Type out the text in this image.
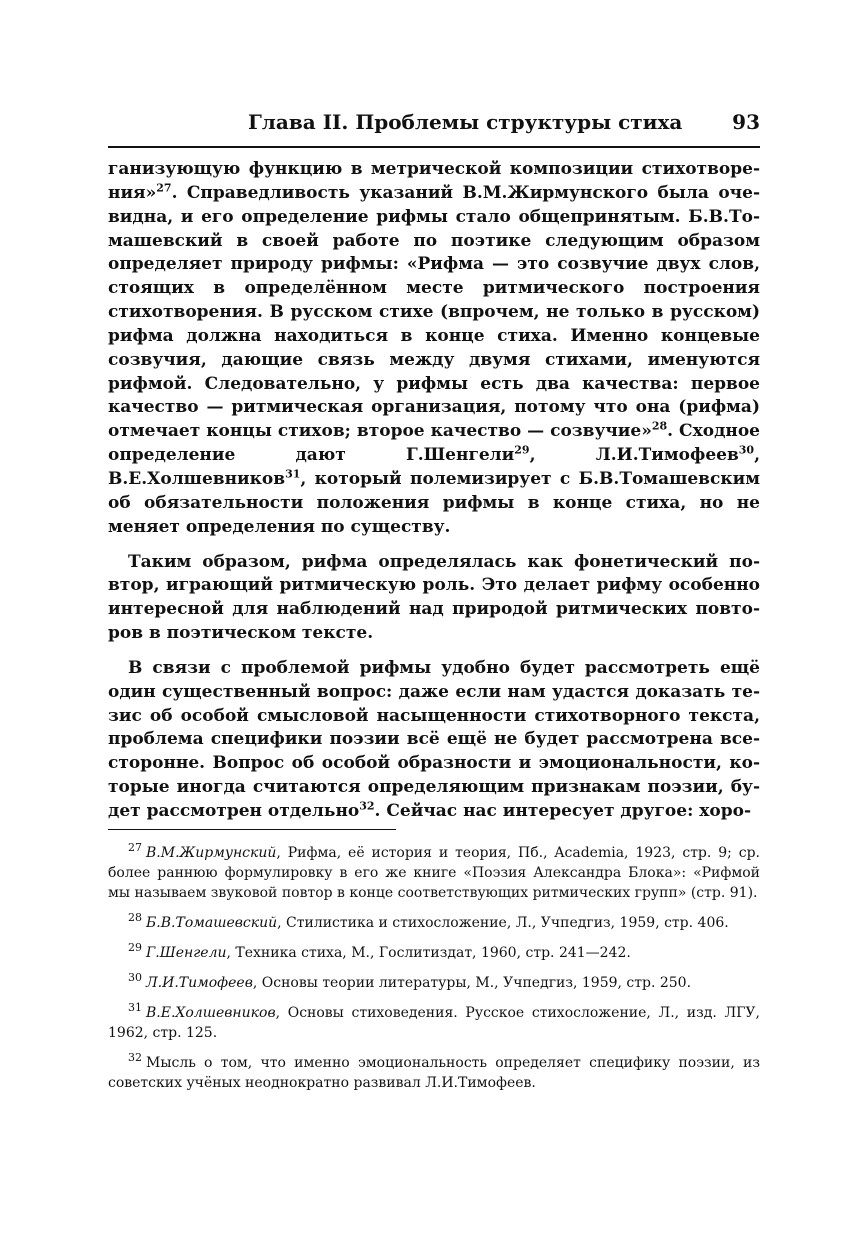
Глава II. Проблемы структуры стиха 93

ганизующую функцию в метрической композиции стихотворения»$^{27}$. Справедливость указаний В.М.Жирмунского была очевидна, и его определение рифмы стало общепринятым. Б.В.Томашевский в своей работе по поэтике следующим образом определяет природу рифмы: «Рифма — это созвучие двух слов, стоящих в определённом месте ритмического построения стихотворения. В русском стихе (впрочем, не только в русском) рифма должна находиться в конце стиха. Именно концевые созвучия, дающие связь между двумя стихами, именуются рифмой. Следовательно, у рифмы есть два качества: первое качество — ритмическая организация, потому что она (рифма) отмечает концы стихов; второе качество — созвучие»$^{28}$. Сходное определение дают Г.Шенгели$^{29}$, Л.И.Тимофеев$^{30}$, В.Е.Холшевников$^{31}$, который полемизирует с Б.В.Томашевским об обязательности положения рифмы в конце стиха, но не меняет определения по существу.

Таким образом, рифма определялась как фонетический повтор, играющий ритмическую роль. Это делает рифму особенно интересной для наблюдений над природой ритмических повторов в поэтическом тексте.

В связи с проблемой рифмы удобно будет рассмотреть ещё один существенный вопрос: даже если нам удастся доказать тезис об особой смысловой насыщенности стихотворного текста, проблема специфики поэзии всё ещё не будет рассмотрена всесторонне. Вопрос об особой образности и эмоциональности, которые иногда считаются определяющим признакам поэзии, будет рассмотрен отдельно$^{32}$. Сейчас нас интересует другое: хоро-

$^{27}$ В.М.Жирмунский, Рифма, её история и теория, Пб., Academia, 1923, стр. 9; ср. более раннюю формулировку в его же книге «Поэзия Александра Блока»: «Рифмой мы называем звуковой повтор в конце соответствующих ритмических групп» (стр. 91).

$^{28}$ Б.В.Томашевский, Стилистика и стихосложение, Л., Учпедгиз, 1959, стр. 406.

$^{29}$ Г.Шенгели, Техника стиха, М., Гослитиздат, 1960, стр. 241—242.

$^{30}$ Л.И.Тимофеев, Основы теории литературы, М., Учпедгиз, 1959, стр. 250.

$^{31}$ В.Е.Холшевников, Основы стиховедения. Русское стихосложение, Л., изд. ЛГУ, 1962, стр. 125.

$^{32}$ Мысль о том, что именно эмоциональность определяет специфику поэзии, из советских учёных неоднократно развивал Л.И.Тимофеев.
